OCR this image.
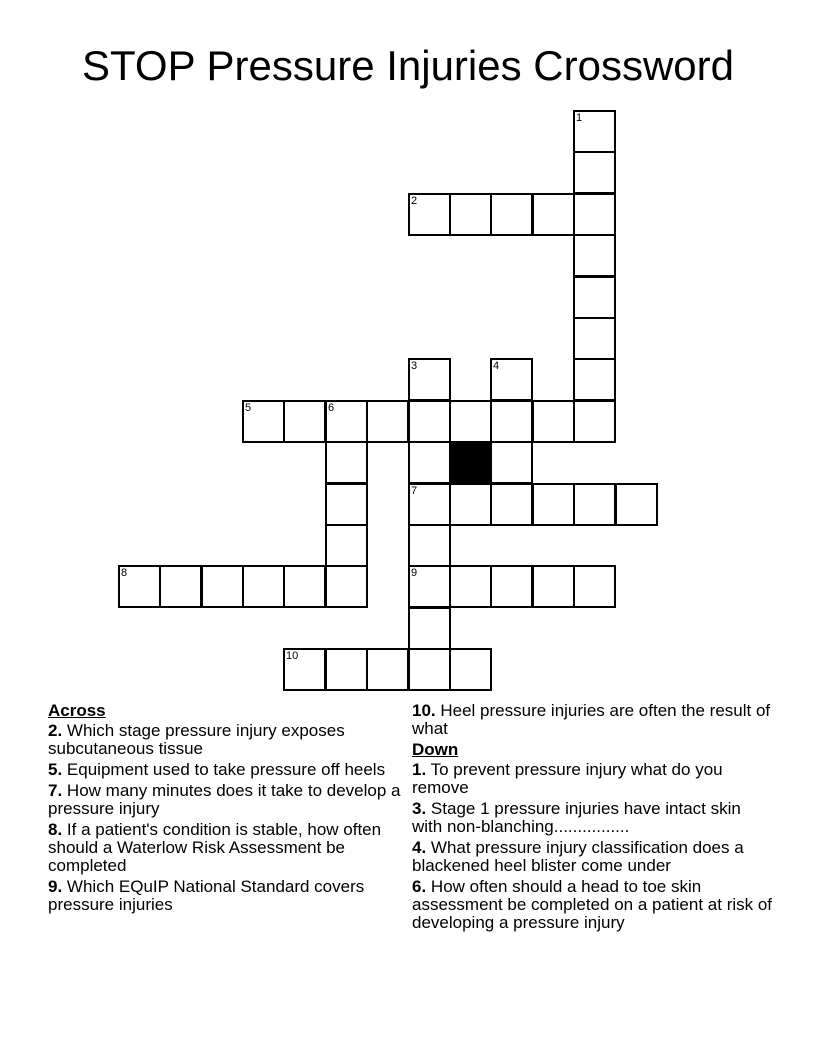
STOP Pressure Injuries Crossword
1
2
3	4
5	6
7
8	9
10
Across
2. Which stage pressure injury exposes subcutaneous tissue
5. Equipment used to take pressure off heels
7. How many minutes does it take to develop a pressure injury
8. If a patient's condition is stable, how often should a Waterlow Risk Assessment be completed
9. Which EQuIP National Standard covers pressure injuries
10. Heel pressure injuries are often the result of what
Down
1. To prevent pressure injury what do you remove
3. Stage 1 pressure injuries have intact skin with non-blanching................
4. What pressure injury classification does a blackened heel blister come under
6. How often should a head to toe skin assessment be completed on a patient at risk of developing a pressure injury
